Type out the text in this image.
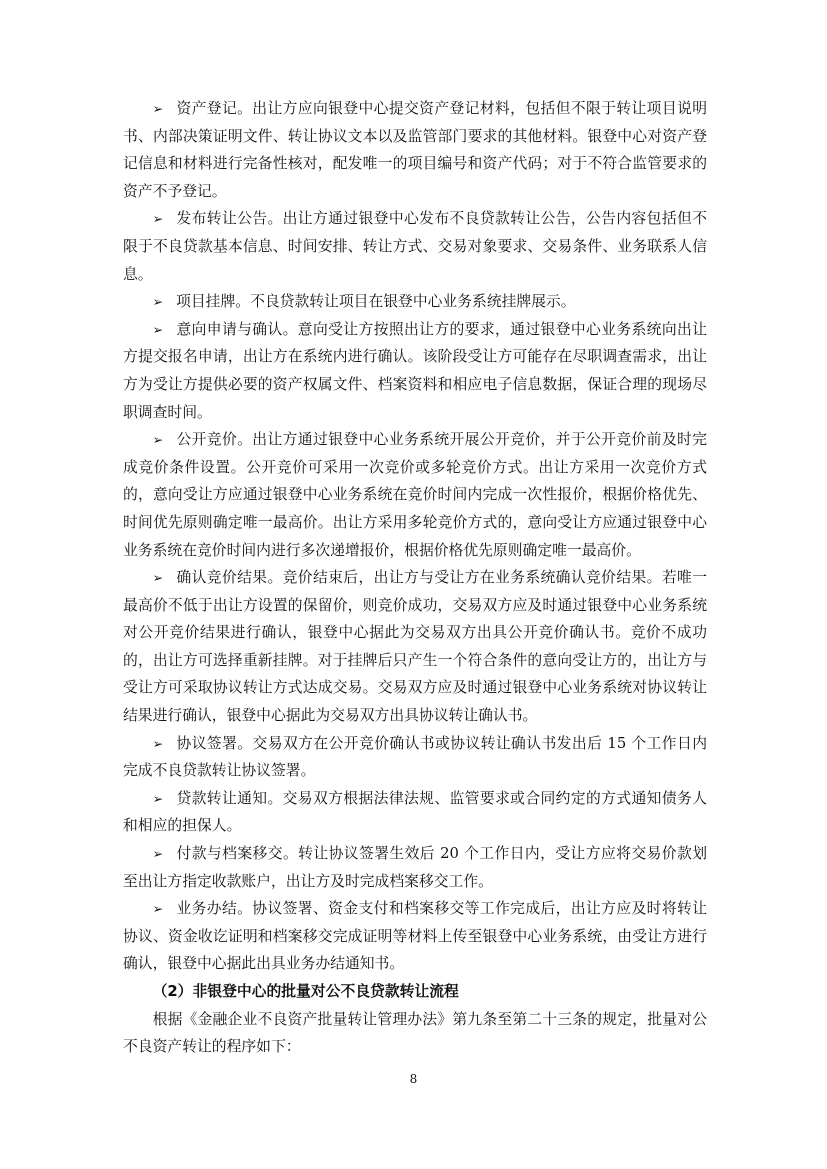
➢ 资产登记。出让方应向银登中心提交资产登记材料，包括但不限于转让项目说明书、内部决策证明文件、转让协议文本以及监管部门要求的其他材料。银登中心对资产登记信息和材料进行完备性核对，配发唯一的项目编号和资产代码；对于不符合监管要求的资产不予登记。

➢ 发布转让公告。出让方通过银登中心发布不良贷款转让公告，公告内容包括但不限于不良贷款基本信息、时间安排、转让方式、交易对象要求、交易条件、业务联系人信息。

➢ 项目挂牌。不良贷款转让项目在银登中心业务系统挂牌展示。

➢ 意向申请与确认。意向受让方按照出让方的要求，通过银登中心业务系统向出让方提交报名申请，出让方在系统内进行确认。该阶段受让方可能存在尽职调查需求，出让方为受让方提供必要的资产权属文件、档案资料和相应电子信息数据，保证合理的现场尽职调查时间。

➢ 公开竞价。出让方通过银登中心业务系统开展公开竞价，并于公开竞价前及时完成竞价条件设置。公开竞价可采用一次竞价或多轮竞价方式。出让方采用一次竞价方式的，意向受让方应通过银登中心业务系统在竞价时间内完成一次性报价，根据价格优先、时间优先原则确定唯一最高价。出让方采用多轮竞价方式的，意向受让方应通过银登中心业务系统在竞价时间内进行多次递增报价，根据价格优先原则确定唯一最高价。

➢ 确认竞价结果。竞价结束后，出让方与受让方在业务系统确认竞价结果。若唯一最高价不低于出让方设置的保留价，则竞价成功，交易双方应及时通过银登中心业务系统对公开竞价结果进行确认，银登中心据此为交易双方出具公开竞价确认书。竞价不成功的，出让方可选择重新挂牌。对于挂牌后只产生一个符合条件的意向受让方的，出让方与受让方可采取协议转让方式达成交易。交易双方应及时通过银登中心业务系统对协议转让结果进行确认，银登中心据此为交易双方出具协议转让确认书。

➢ 协议签署。交易双方在公开竞价确认书或协议转让确认书发出后 15 个工作日内完成不良贷款转让协议签署。

➢ 贷款转让通知。交易双方根据法律法规、监管要求或合同约定的方式通知债务人和相应的担保人。

➢ 付款与档案移交。转让协议签署生效后 20 个工作日内，受让方应将交易价款划至出让方指定收款账户，出让方及时完成档案移交工作。

➢ 业务办结。协议签署、资金支付和档案移交等工作完成后，出让方应及时将转让协议、资金收讫证明和档案移交完成证明等材料上传至银登中心业务系统，由受让方进行确认，银登中心据此出具业务办结通知书。

（2）非银登中心的批量对公不良贷款转让流程

根据《金融企业不良资产批量转让管理办法》第九条至第二十三条的规定，批量对公不良资产转让的程序如下：

8
